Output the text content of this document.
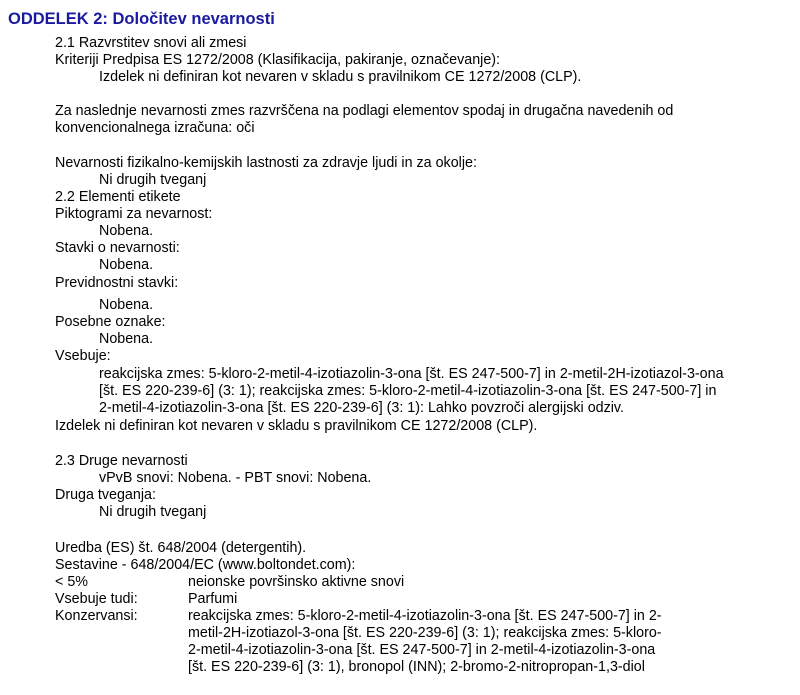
ODDELEK 2: Določitev nevarnosti
2.1 Razvrstitev snovi ali zmesi
Kriteriji Predpisa ES 1272/2008 (Klasifikacija, pakiranje, označevanje):
Izdelek ni definiran kot nevaren v skladu s pravilnikom CE 1272/2008 (CLP).
Za naslednje nevarnosti zmes razvrščena na podlagi elementov spodaj in drugačna navedenih od
konvencionalnega izračuna: oči
Nevarnosti fizikalno-kemijskih lastnosti za zdravje ljudi in za okolje:
Ni drugih tveganj
2.2 Elementi etikete
Piktogrami za nevarnost:
Nobena.
Stavki o nevarnosti:
Nobena.
Previdnostni stavki:
Nobena.
Posebne oznake:
Nobena.
Vsebuje:
reakcijska zmes: 5-kloro-2-metil-4-izotiazolin-3-ona [št. ES 247-500-7] in 2-metil-2H-izotiazol-3-ona
[št. ES 220-239-6] (3: 1); reakcijska zmes: 5-kloro-2-metil-4-izotiazolin-3-ona [št. ES 247-500-7] in
2-metil-4-izotiazolin-3-ona [št. ES 220-239-6] (3: 1): Lahko povzroči alergijski odziv.
Izdelek ni definiran kot nevaren v skladu s pravilnikom CE 1272/2008 (CLP).
2.3 Druge nevarnosti
vPvB snovi: Nobena. - PBT snovi: Nobena.
Druga tveganja:
Ni drugih tveganj
Uredba (ES) št. 648/2004 (detergentih).
Sestavine - 648/2004/EC (www.boltondet.com):
< 5%	neionske površinsko aktivne snovi
Vsebuje tudi:	Parfumi
Konzervansi:	reakcijska zmes: 5-kloro-2-metil-4-izotiazolin-3-ona [št. ES 247-500-7] in 2-
metil-2H-izotiazol-3-ona [št. ES 220-239-6] (3: 1); reakcijska zmes: 5-kloro-
2-metil-4-izotiazolin-3-ona [št. ES 247-500-7] in 2-metil-4-izotiazolin-3-ona
[št. ES 220-239-6] (3: 1), bronopol (INN); 2-bromo-2-nitropropan-1,3-diol
